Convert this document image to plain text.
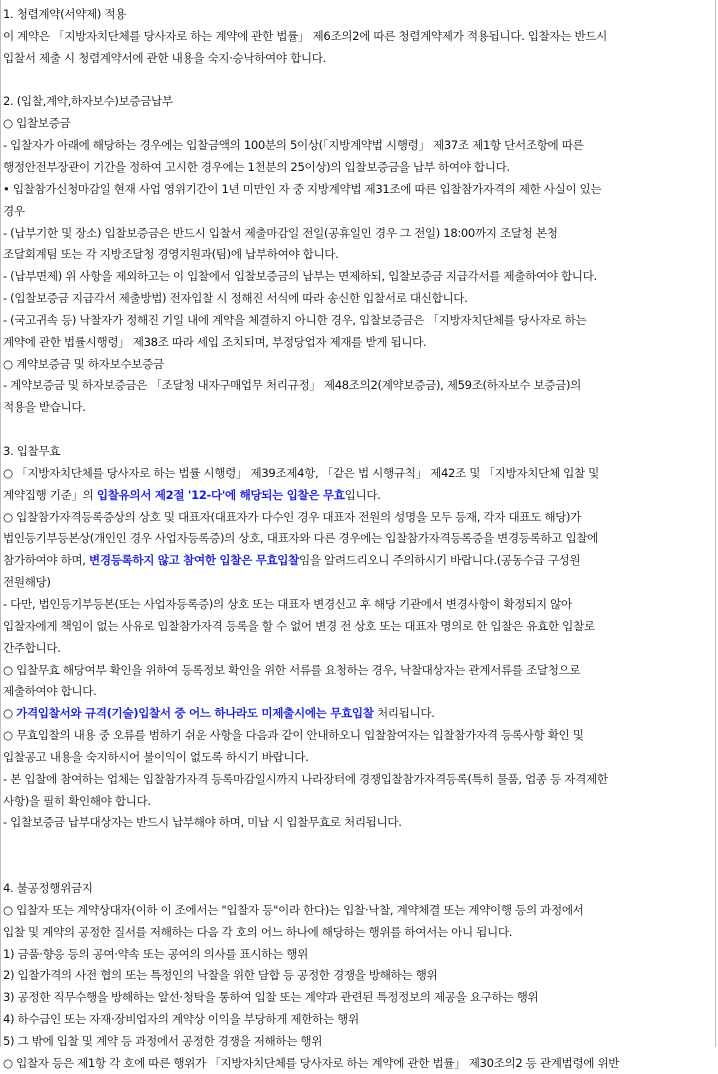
1. 청렴계약(서약제) 적용
이 계약은 「지방자치단체를 당사자로 하는 계약에 관한 법률」 제6조의2에 따른 청렴계약제가 적용됩니다. 입찰자는 반드시
입찰서 제출 시 청렴계약서에 관한 내용을 숙지·승낙하여야 합니다.
2. (입찰,계약,하자보수)보증금납부
○ 입찰보증금
- 입찰자가 아래에 해당하는 경우에는 입찰금액의 100분의 5이상(「지방계약법 시행령」 제37조 제1항 단서조항에 따른
행정안전부장관이 기간을 정하여 고시한 경우에는 1천분의 25이상)의 입찰보증금을 납부 하여야 합니다.
• 입찰참가신청마감일 현재 사업 영위기간이 1년 미만인 자 중 지방계약법 제31조에 따른 입찰참가자격의 제한 사실이 있는
경우
- (납부기한 및 장소) 입찰보증금은 반드시 입찰서 제출마감일 전일(공휴일인 경우 그 전일) 18:00까지 조달청 본청
조달회계팀 또는 각 지방조달청 경영지원과(팀)에 납부하여야 합니다.
- (납부면제) 위 사항을 제외하고는 이 입찰에서 입찰보증금의 납부는 면제하되, 입찰보증금 지급각서를 제출하여야 합니다.
- (입찰보증금 지급각서 제출방법) 전자입찰 시 정해진 서식에 따라 송신한 입찰서로 대신합니다.
- (국고귀속 등) 낙찰자가 정해진 기일 내에 계약을 체결하지 아니한 경우, 입찰보증금은 「지방자치단체를 당사자로 하는
계약에 관한 법률시행령」 제38조 따라 세입 조치되며, 부정당업자 제재를 받게 됩니다.
○ 계약보증금 및 하자보수보증금
- 계약보증금 및 하자보증금은 「조달청 내자구매업무 처리규정」 제48조의2(계약보증금), 제59조(하자보수 보증금)의
적용을 받습니다.
3. 입찰무효
○ 「지방자치단체를 당사자로 하는 법률 시행령」 제39조제4항, 「같은 법 시행규칙」 제42조 및 「지방자치단체 입찰 및
계약집행 기준」의 입찰유의서 제2절 '12-다'에 해당되는 입찰은 무효입니다.
○ 입찰참가자격등록증상의 상호 및 대표자(대표자가 다수인 경우 대표자 전원의 성명을 모두 등재, 각자 대표도 해당)가
법인등기부등본상(개인인 경우 사업자등록증)의 상호, 대표자와 다른 경우에는 입찰참가자격등록증을 변경등록하고 입찰에
참가하여야 하며, 변경등록하지 않고 참여한 입찰은 무효입찰임을 알려드리오니 주의하시기 바랍니다.(공동수급 구성원
전원해당)
- 다만, 법인등기부등본(또는 사업자등록증)의 상호 또는 대표자 변경신고 후 해당 기관에서 변경사항이 확정되지 않아
입찰자에게 책임이 없는 사유로 입찰참가자격 등록을 할 수 없어 변경 전 상호 또는 대표자 명의로 한 입찰은 유효한 입찰로
간주합니다.
○ 입찰무효 해당여부 확인을 위하여 등록정보 확인을 위한 서류를 요청하는 경우, 낙찰대상자는 관계서류를 조달청으로
제출하여야 합니다.
○ 가격입찰서와 규격(기술)입찰서 중 어느 하나라도 미제출시에는 무효입찰 처리됩니다.
○ 무효입찰의 내용 중 오류를 범하기 쉬운 사항을 다음과 같이 안내하오니 입찰참여자는 입찰참가자격 등록사항 확인 및
입찰공고 내용을 숙지하시어 불이익이 없도록 하시기 바랍니다.
- 본 입찰에 참여하는 업체는 입찰참가자격 등록마감일시까지 나라장터에 경쟁입찰참가자격등록(특히 물품, 업종 등 자격제한
사항)을 필히 확인해야 합니다.
- 입찰보증금 납부대상자는 반드시 납부해야 하며, 미납 시 입찰무효로 처리됩니다.
4. 불공정행위금지
○ 입찰자 또는 계약상대자(이하 이 조에서는 "입찰자 등"이라 한다)는 입찰·낙찰, 계약체결 또는 계약이행 등의 과정에서
입찰 및 계약의 공정한 질서를 저해하는 다음 각 호의 어느 하나에 해당하는 행위를 하여서는 아니 됩니다.
1) 금품·향응 등의 공여·약속 또는 공여의 의사를 표시하는 행위
2) 입찰가격의 사전 협의 또는 특정인의 낙찰을 위한 담합 등 공정한 경쟁을 방해하는 행위
3) 공정한 직무수행을 방해하는 알선·청탁을 통하여 입찰 또는 계약과 관련된 특정정보의 제공을 요구하는 행위
4) 하수급인 또는 자재·장비업자의 계약상 이익을 부당하게 제한하는 행위
5) 그 밖에 입찰 및 계약 등 과정에서 공정한 경쟁을 저해하는 행위
○ 입찰자 등은 제1항 각 호에 따른 행위가 「지방자치단체를 당사자로 하는 계약에 관한 법률」 제30조의2 등 관계법령에 위반
